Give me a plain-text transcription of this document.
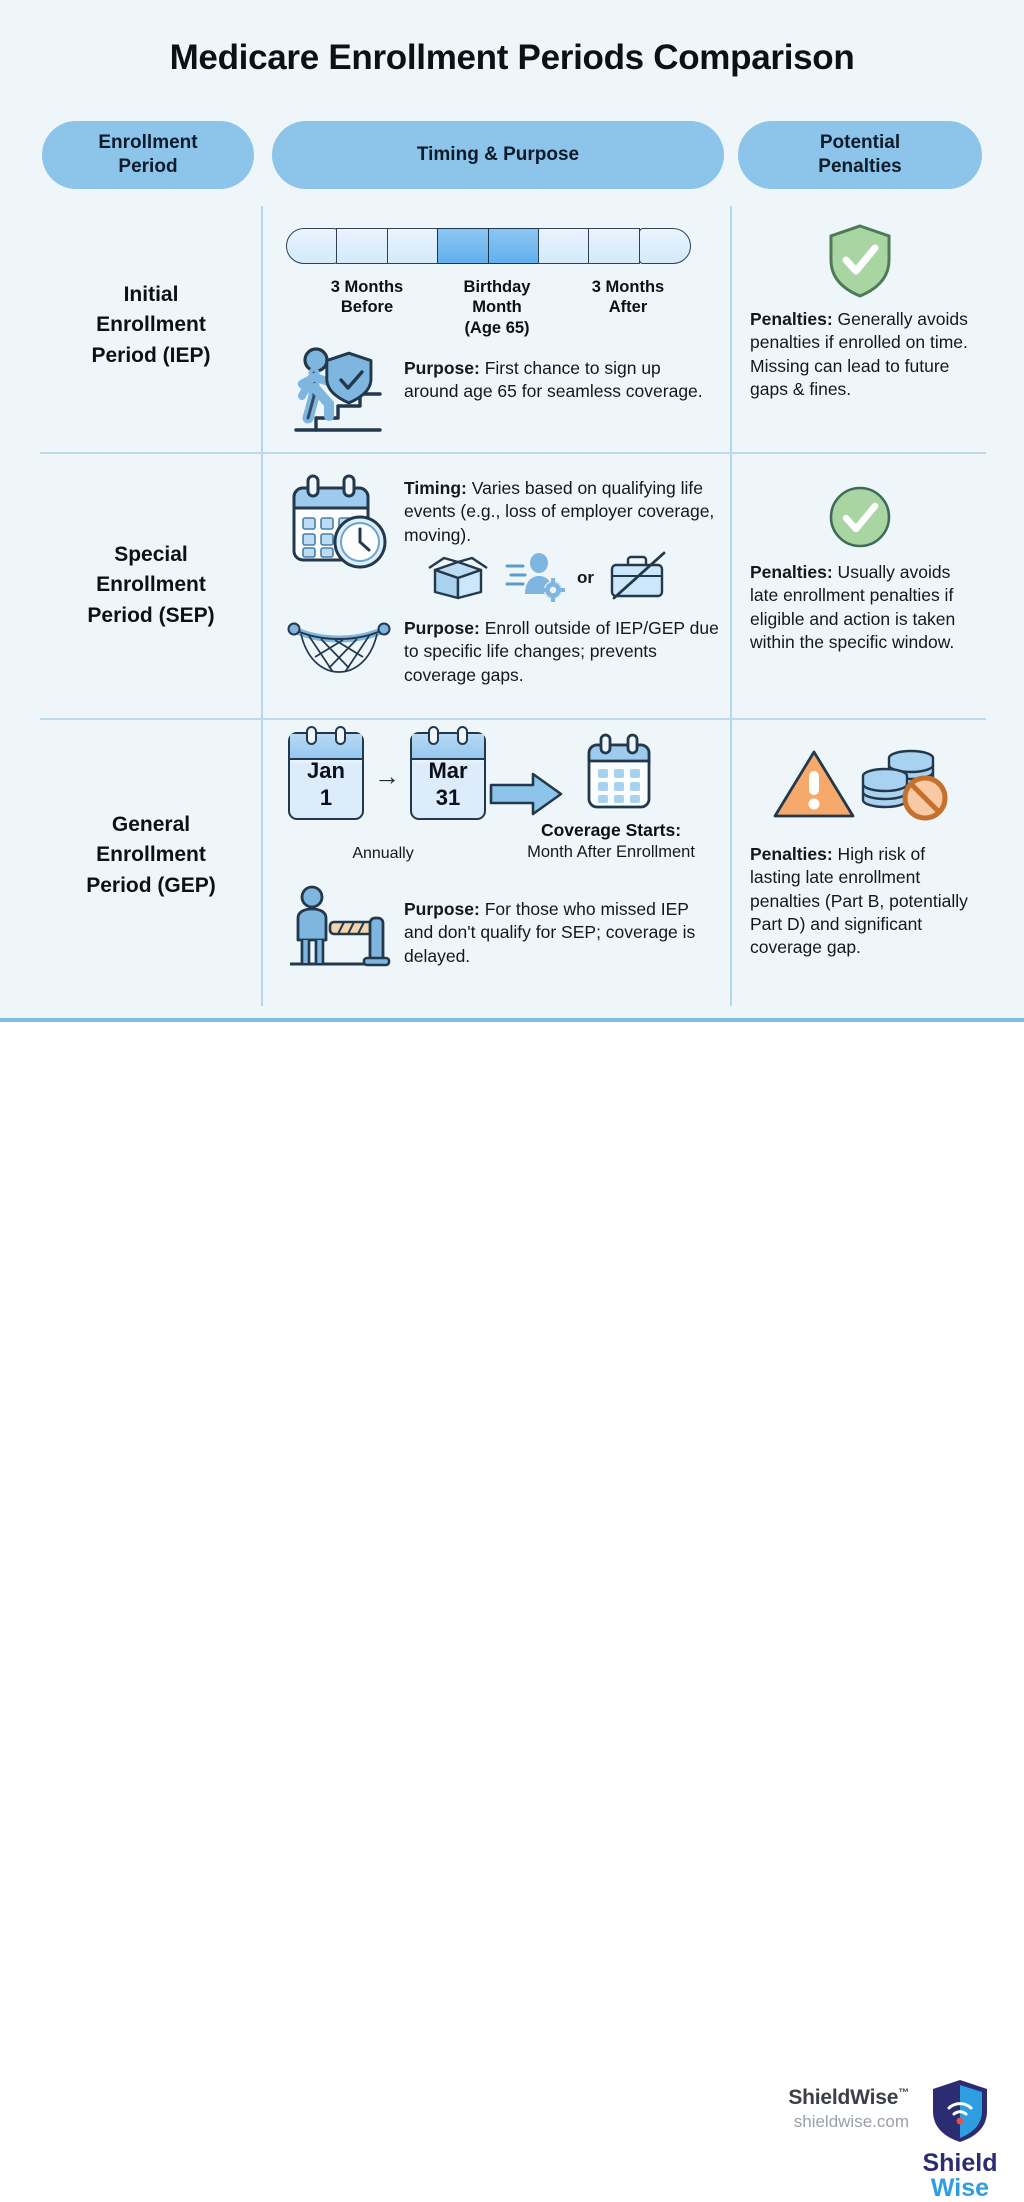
Medicare Enrollment Periods Comparison
Enrollment
Period
Timing & Purpose
Potential
Penalties
Initial
Enrollment
Period (IEP)
3 Months
Before
Birthday
Month
(Age 65)
3 Months
After
Purpose: First chance to sign up around age 65 for seamless coverage.
Penalties: Generally avoids penalties if enrolled on time. Missing can lead to future gaps & fines.
Special
Enrollment
Period (SEP)
Timing: Varies based on qualifying life events (e.g., loss of employer coverage, moving).
or
Purpose: Enroll outside of IEP/GEP due to specific life changes; prevents coverage gaps.
Penalties: Usually avoids late enrollment penalties if eligible and action is taken within the specific window.
General
Enrollment
Period (GEP)
Jan
1
→ Mar
31
Annually
Coverage Starts:
Month After Enrollment
Purpose: For those who missed IEP and don't qualify for SEP; coverage is delayed.
Penalties: High risk of lasting late enrollment penalties (Part B, potentially Part D) and significant coverage gap.
ShieldWise™
shieldwise.com
Shield
Wise
